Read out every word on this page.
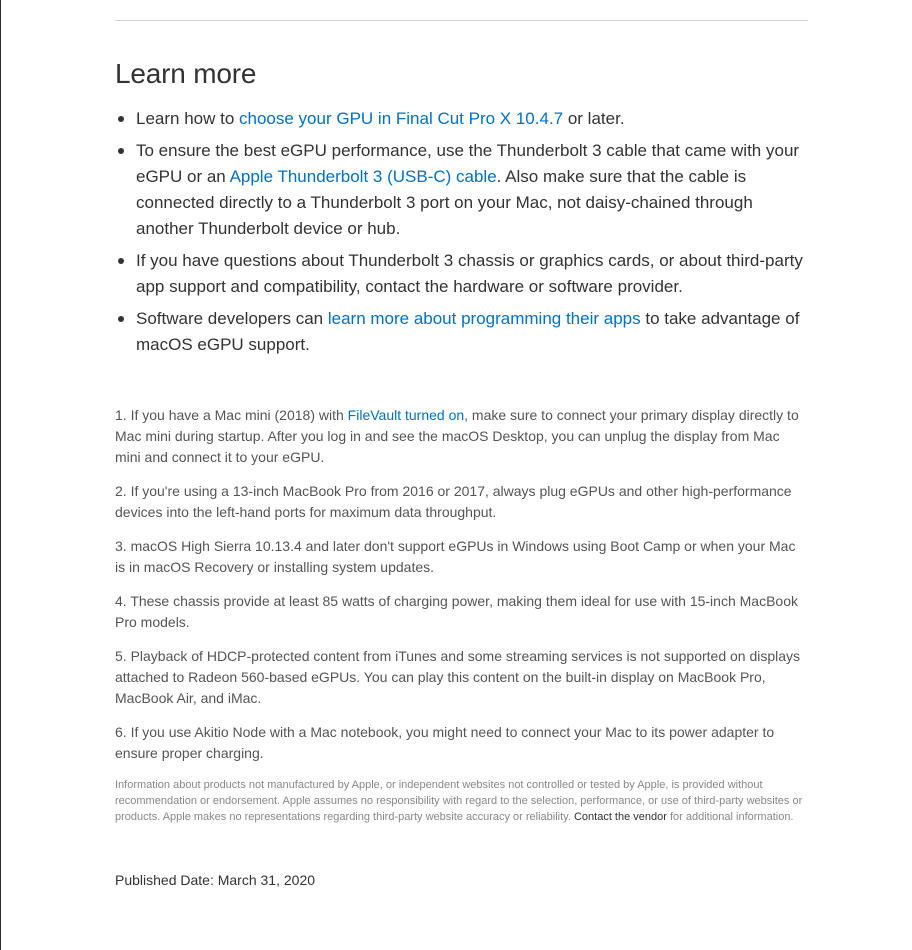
Learn more
Learn how to choose your GPU in Final Cut Pro X 10.4.7 or later.
To ensure the best eGPU performance, use the Thunderbolt 3 cable that came with your eGPU or an Apple Thunderbolt 3 (USB-C) cable. Also make sure that the cable is connected directly to a Thunderbolt 3 port on your Mac, not daisy-chained through another Thunderbolt device or hub.
If you have questions about Thunderbolt 3 chassis or graphics cards, or about third-party app support and compatibility, contact the hardware or software provider.
Software developers can learn more about programming their apps to take advantage of macOS eGPU support.

1. If you have a Mac mini (2018) with FileVault turned on, make sure to connect your primary display directly to Mac mini during startup. After you log in and see the macOS Desktop, you can unplug the display from Mac mini and connect it to your eGPU.

2. If you're using a 13-inch MacBook Pro from 2016 or 2017, always plug eGPUs and other high-performance devices into the left-hand ports for maximum data throughput.

3. macOS High Sierra 10.13.4 and later don't support eGPUs in Windows using Boot Camp or when your Mac is in macOS Recovery or installing system updates.

4. These chassis provide at least 85 watts of charging power, making them ideal for use with 15-inch MacBook Pro models.

5. Playback of HDCP-protected content from iTunes and some streaming services is not supported on displays attached to Radeon 560-based eGPUs. You can play this content on the built-in display on MacBook Pro, MacBook Air, and iMac.

6. If you use Akitio Node with a Mac notebook, you might need to connect your Mac to its power adapter to ensure proper charging.

Information about products not manufactured by Apple, or independent websites not controlled or tested by Apple, is provided without recommendation or endorsement. Apple assumes no responsibility with regard to the selection, performance, or use of third-party websites or products. Apple makes no representations regarding third-party website accuracy or reliability. Contact the vendor for additional information.

Published Date: March 31, 2020
